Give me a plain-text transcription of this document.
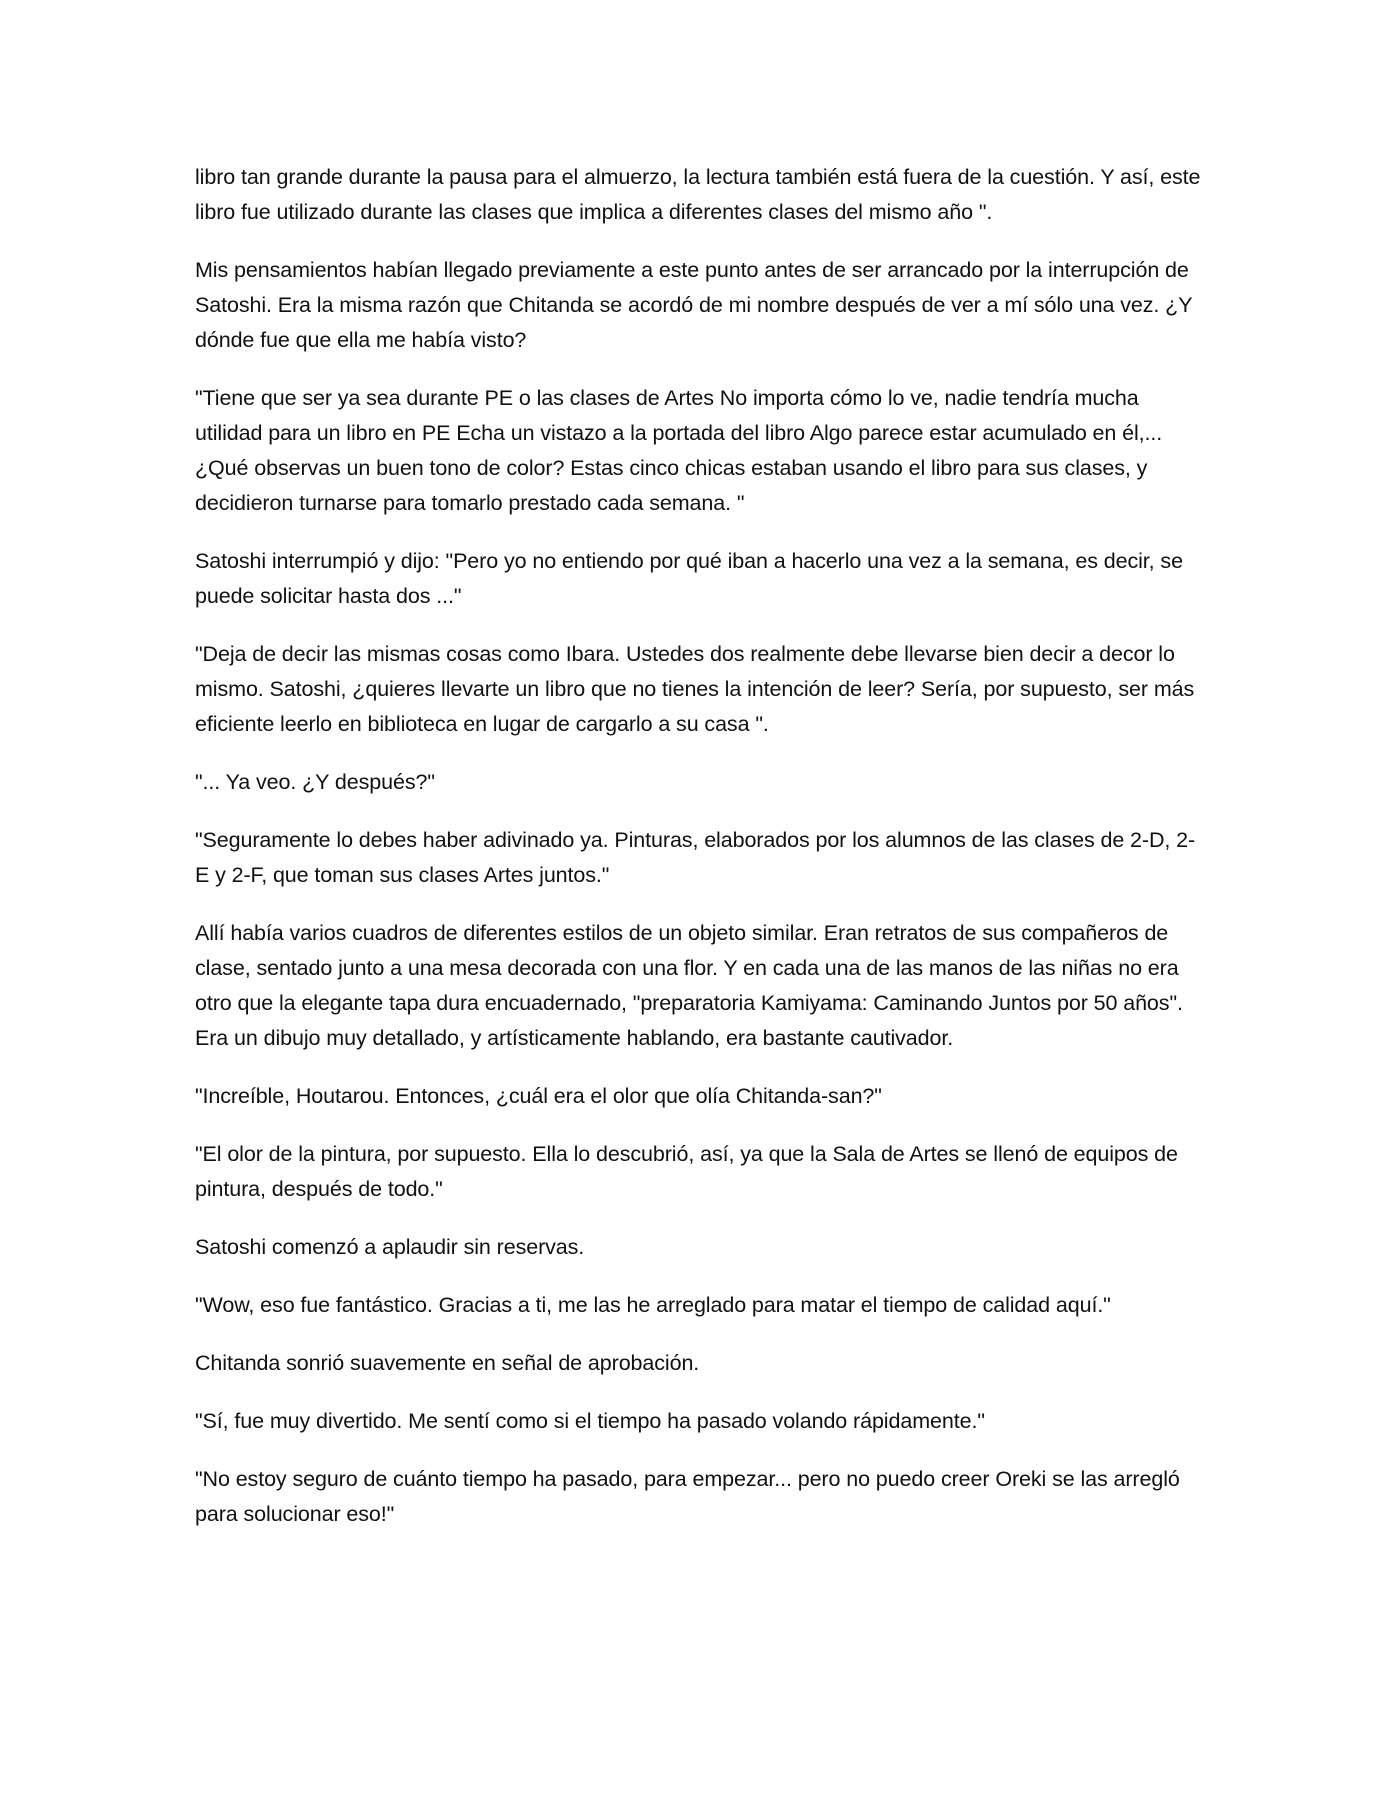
libro tan grande durante la pausa para el almuerzo, la lectura también está fuera de la cuestión. Y así, este libro fue utilizado durante las clases que implica a diferentes clases del mismo año ".

Mis pensamientos habían llegado previamente a este punto antes de ser arrancado por la interrupción de Satoshi. Era la misma razón que Chitanda se acordó de mi nombre después de ver a mí sólo una vez. ¿Y dónde fue que ella me había visto?

"Tiene que ser ya sea durante PE o las clases de Artes No importa cómo lo ve, nadie tendría mucha utilidad para un libro en PE Echa un vistazo a la portada del libro Algo parece estar acumulado en él,... ¿Qué observas un buen tono de color? Estas cinco chicas estaban usando el libro para sus clases, y decidieron turnarse para tomarlo prestado cada semana. "

Satoshi interrumpió y dijo: "Pero yo no entiendo por qué iban a hacerlo una vez a la semana, es decir, se puede solicitar hasta dos ..."

"Deja de decir las mismas cosas como Ibara. Ustedes dos realmente debe llevarse bien decir a decor lo mismo. Satoshi, ¿quieres llevarte un libro que no tienes la intención de leer? Sería, por supuesto, ser más eficiente leerlo en biblioteca en lugar de cargarlo a su casa ".

"... Ya veo. ¿Y después?"

"Seguramente lo debes haber adivinado ya. Pinturas, elaborados por los alumnos de las clases de 2-D, 2-E y 2-F, que toman sus clases Artes juntos."

Allí había varios cuadros de diferentes estilos de un objeto similar. Eran retratos de sus compañeros de clase, sentado junto a una mesa decorada con una flor. Y en cada una de las manos de las niñas no era otro que la elegante tapa dura encuadernado, "preparatoria Kamiyama: Caminando Juntos por 50 años". Era un dibujo muy detallado, y artísticamente hablando, era bastante cautivador.

"Increíble, Houtarou. Entonces, ¿cuál era el olor que olía Chitanda-san?"

"El olor de la pintura, por supuesto. Ella lo descubrió, así, ya que la Sala de Artes se llenó de equipos de pintura, después de todo."

Satoshi comenzó a aplaudir sin reservas.

"Wow, eso fue fantástico. Gracias a ti, me las he arreglado para matar el tiempo de calidad aquí."

Chitanda sonrió suavemente en señal de aprobación.

"Sí, fue muy divertido. Me sentí como si el tiempo ha pasado volando rápidamente."

"No estoy seguro de cuánto tiempo ha pasado, para empezar... pero no puedo creer Oreki se las arregló para solucionar eso!"
